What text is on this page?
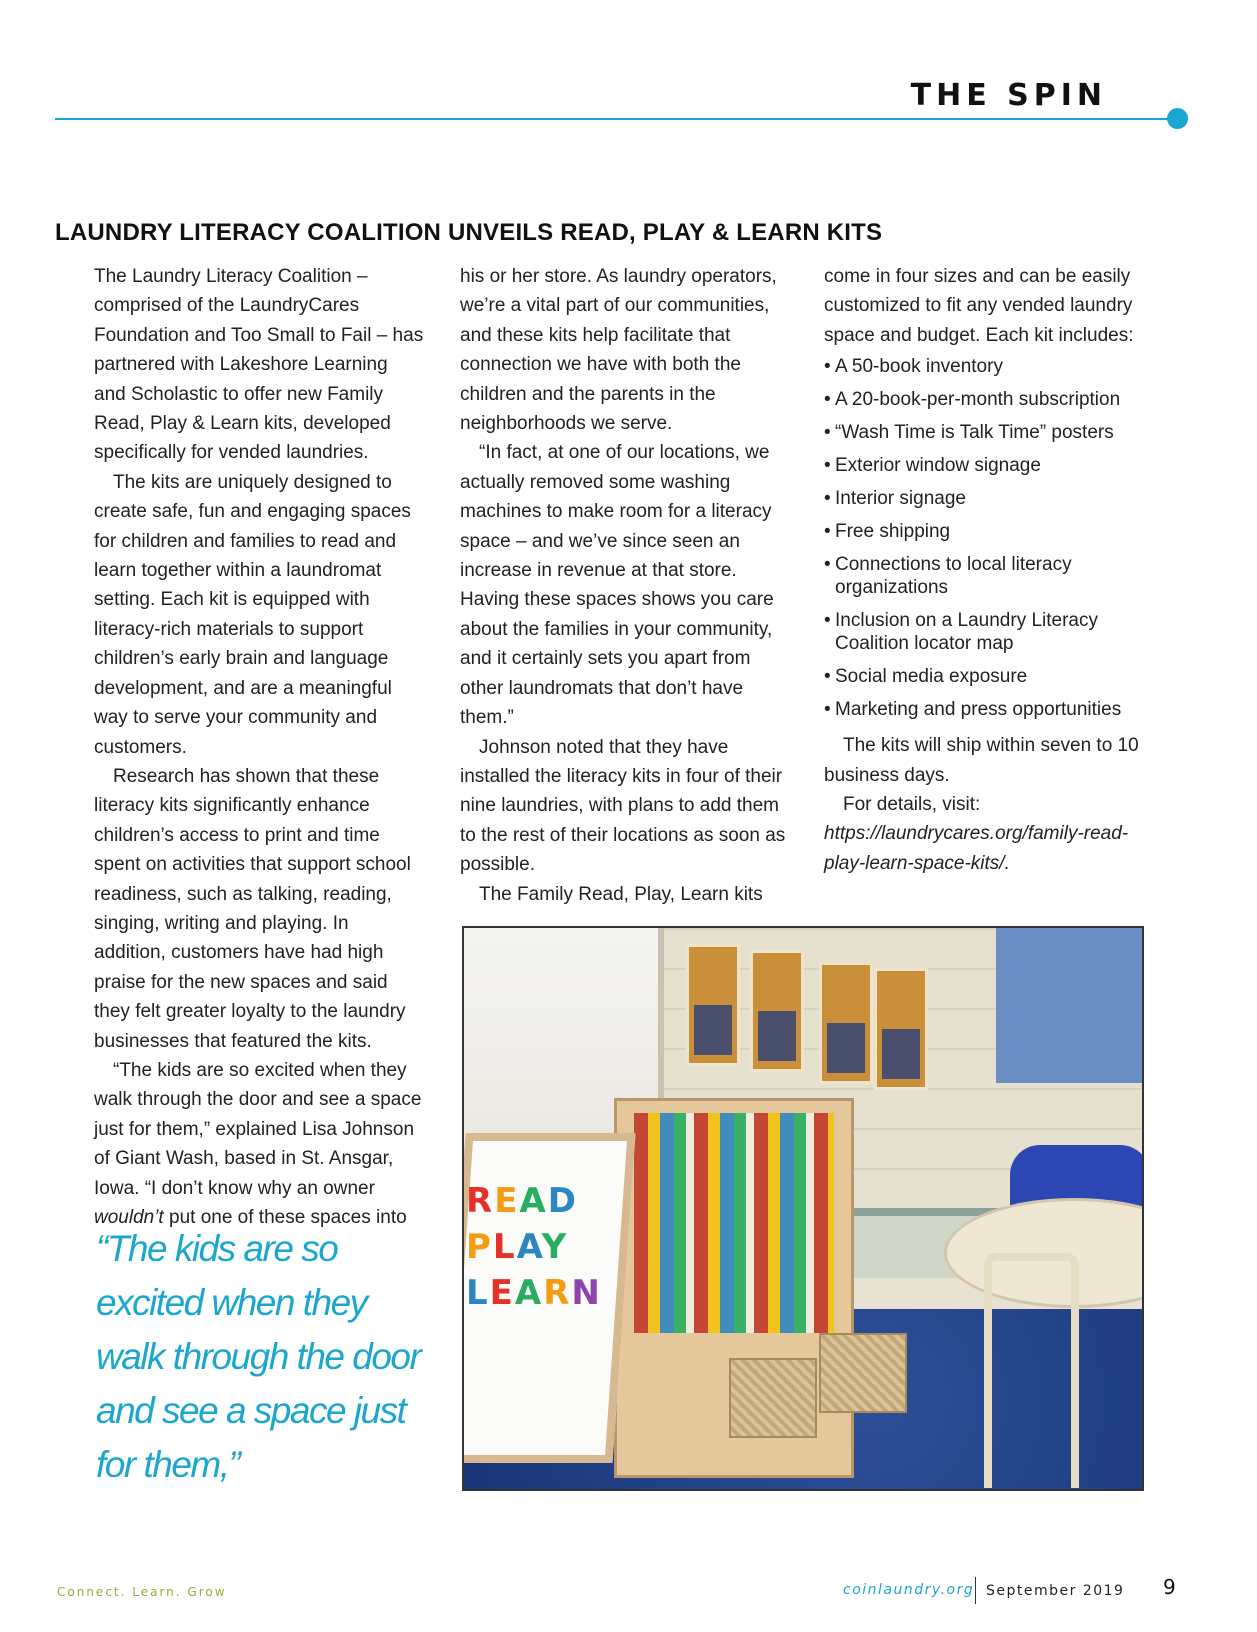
THE SPIN
LAUNDRY LITERACY COALITION UNVEILS READ, PLAY & LEARN KITS

The Laundry Literacy Coalition – comprised of the LaundryCares Foundation and Too Small to Fail – has partnered with Lakeshore Learning and Scholastic to offer new Family Read, Play & Learn kits, developed specifically for vended laundries.

The kits are uniquely designed to create safe, fun and engaging spaces for children and families to read and learn together within a laundromat setting. Each kit is equipped with literacy-rich materials to support children’s early brain and language development, and are a meaningful way to serve your community and customers.

Research has shown that these literacy kits significantly enhance children’s access to print and time spent on activities that support school readiness, such as talking, reading, singing, writing and playing. In addition, customers have had high praise for the new spaces and said they felt greater loyalty to the laundry businesses that featured the kits.

“The kids are so excited when they walk through the door and see a space just for them,” explained Lisa Johnson of Giant Wash, based in St. Ansgar, Iowa. “I don’t know why an owner wouldn’t put one of these spaces into

his or her store. As laundry operators, we’re a vital part of our communities, and these kits help facilitate that connection we have with both the children and the parents in the neighborhoods we serve.

“In fact, at one of our locations, we actually removed some washing machines to make room for a literacy space – and we’ve since seen an increase in revenue at that store. Having these spaces shows you care about the families in your community, and it certainly sets you apart from other laundromats that don’t have them.”

Johnson noted that they have installed the literacy kits in four of their nine laundries, with plans to add them to the rest of their locations as soon as possible.

The Family Read, Play, Learn kits

come in four sizes and can be easily customized to fit any vended laundry space and budget. Each kit includes:

• A 50-book inventory
• A 20-book-per-month subscription
• “Wash Time is Talk Time” posters
• Exterior window signage
• Interior signage
• Free shipping
• Connections to local literacy organizations
• Inclusion on a Laundry Literacy Coalition locator map
• Social media exposure
• Marketing and press opportunities

The kits will ship within seven to 10 business days.

For details, visit:

https://laundrycares.org/family-read-play-learn-space-kits/.

“The kids are so excited when they walk through the door and see a space just for them,”
READ
PLAY
LEARN
Connect. Learn. Grow	coinlaundry.org September 2019 9
